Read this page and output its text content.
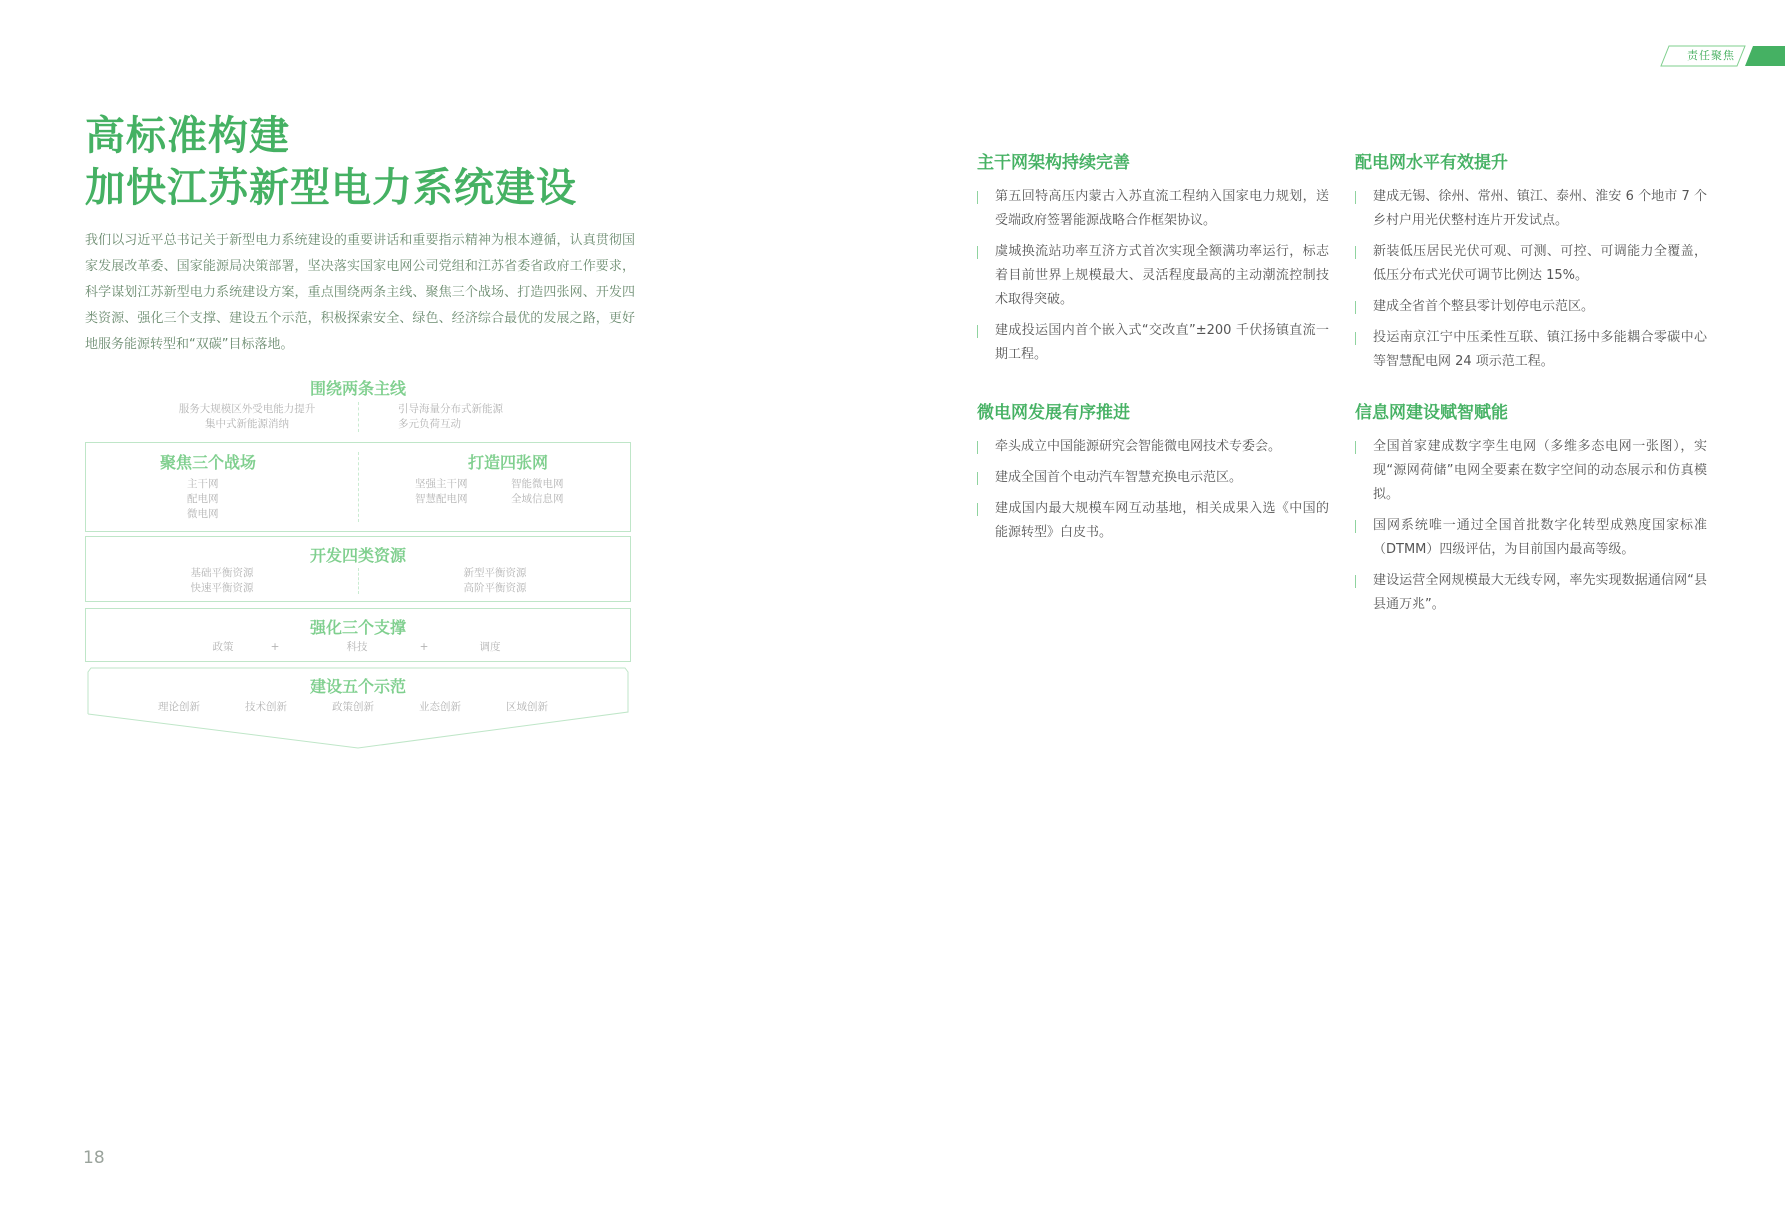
责任聚焦
高标准构建
加快江苏新型电力系统建设
我们以习近平总书记关于新型电力系统建设的重要讲话和重要指示精神为根本遵循，认真贯彻国家发展改革委、国家能源局决策部署，坚决落实国家电网公司党组和江苏省委省政府工作要求，科学谋划江苏新型电力系统建设方案，重点围绕两条主线、聚焦三个战场、打造四张网、开发四类资源、强化三个支撑、建设五个示范，积极探索安全、绿色、经济综合最优的发展之路，更好地服务能源转型和“双碳”目标落地。
围绕两条主线
服务大规模区外受电能力提升
集中式新能源消纳
引导海量分布式新能源
多元负荷互动
聚焦三个战场
主干网
配电网
微电网
打造四张网
坚强主干网
智慧配电网
智能微电网
全域信息网
开发四类资源
基础平衡资源
快速平衡资源
新型平衡资源
高阶平衡资源
强化三个支撑
政策	+	科技	+	调度
建设五个示范
理论创新	技术创新	政策创新	业态创新	区域创新
主干网架构持续完善
第五回特高压内蒙古入苏直流工程纳入国家电力规划，送受端政府签署能源战略合作框架协议。
虞城换流站功率互济方式首次实现全额满功率运行，标志着目前世界上规模最大、灵活程度最高的主动潮流控制技术取得突破。
建成投运国内首个嵌入式“交改直”±200 千伏扬镇直流一期工程。
配电网水平有效提升
建成无锡、徐州、常州、镇江、泰州、淮安 6 个地市 7 个乡村户用光伏整村连片开发试点。
新装低压居民光伏可观、可测、可控、可调能力全覆盖，低压分布式光伏可调节比例达 15%。
建成全省首个整县零计划停电示范区。
投运南京江宁中压柔性互联、镇江扬中多能耦合零碳中心等智慧配电网 24 项示范工程。
微电网发展有序推进
牵头成立中国能源研究会智能微电网技术专委会。
建成全国首个电动汽车智慧充换电示范区。
建成国内最大规模车网互动基地，相关成果入选《中国的能源转型》白皮书。
信息网建设赋智赋能
全国首家建成数字孪生电网（多维多态电网一张图），实现“源网荷储”电网全要素在数字空间的动态展示和仿真模拟。
国网系统唯一通过全国首批数字化转型成熟度国家标准（DTMM）四级评估，为目前国内最高等级。
建设运营全网规模最大无线专网，率先实现数据通信网“县县通万兆”。
18
